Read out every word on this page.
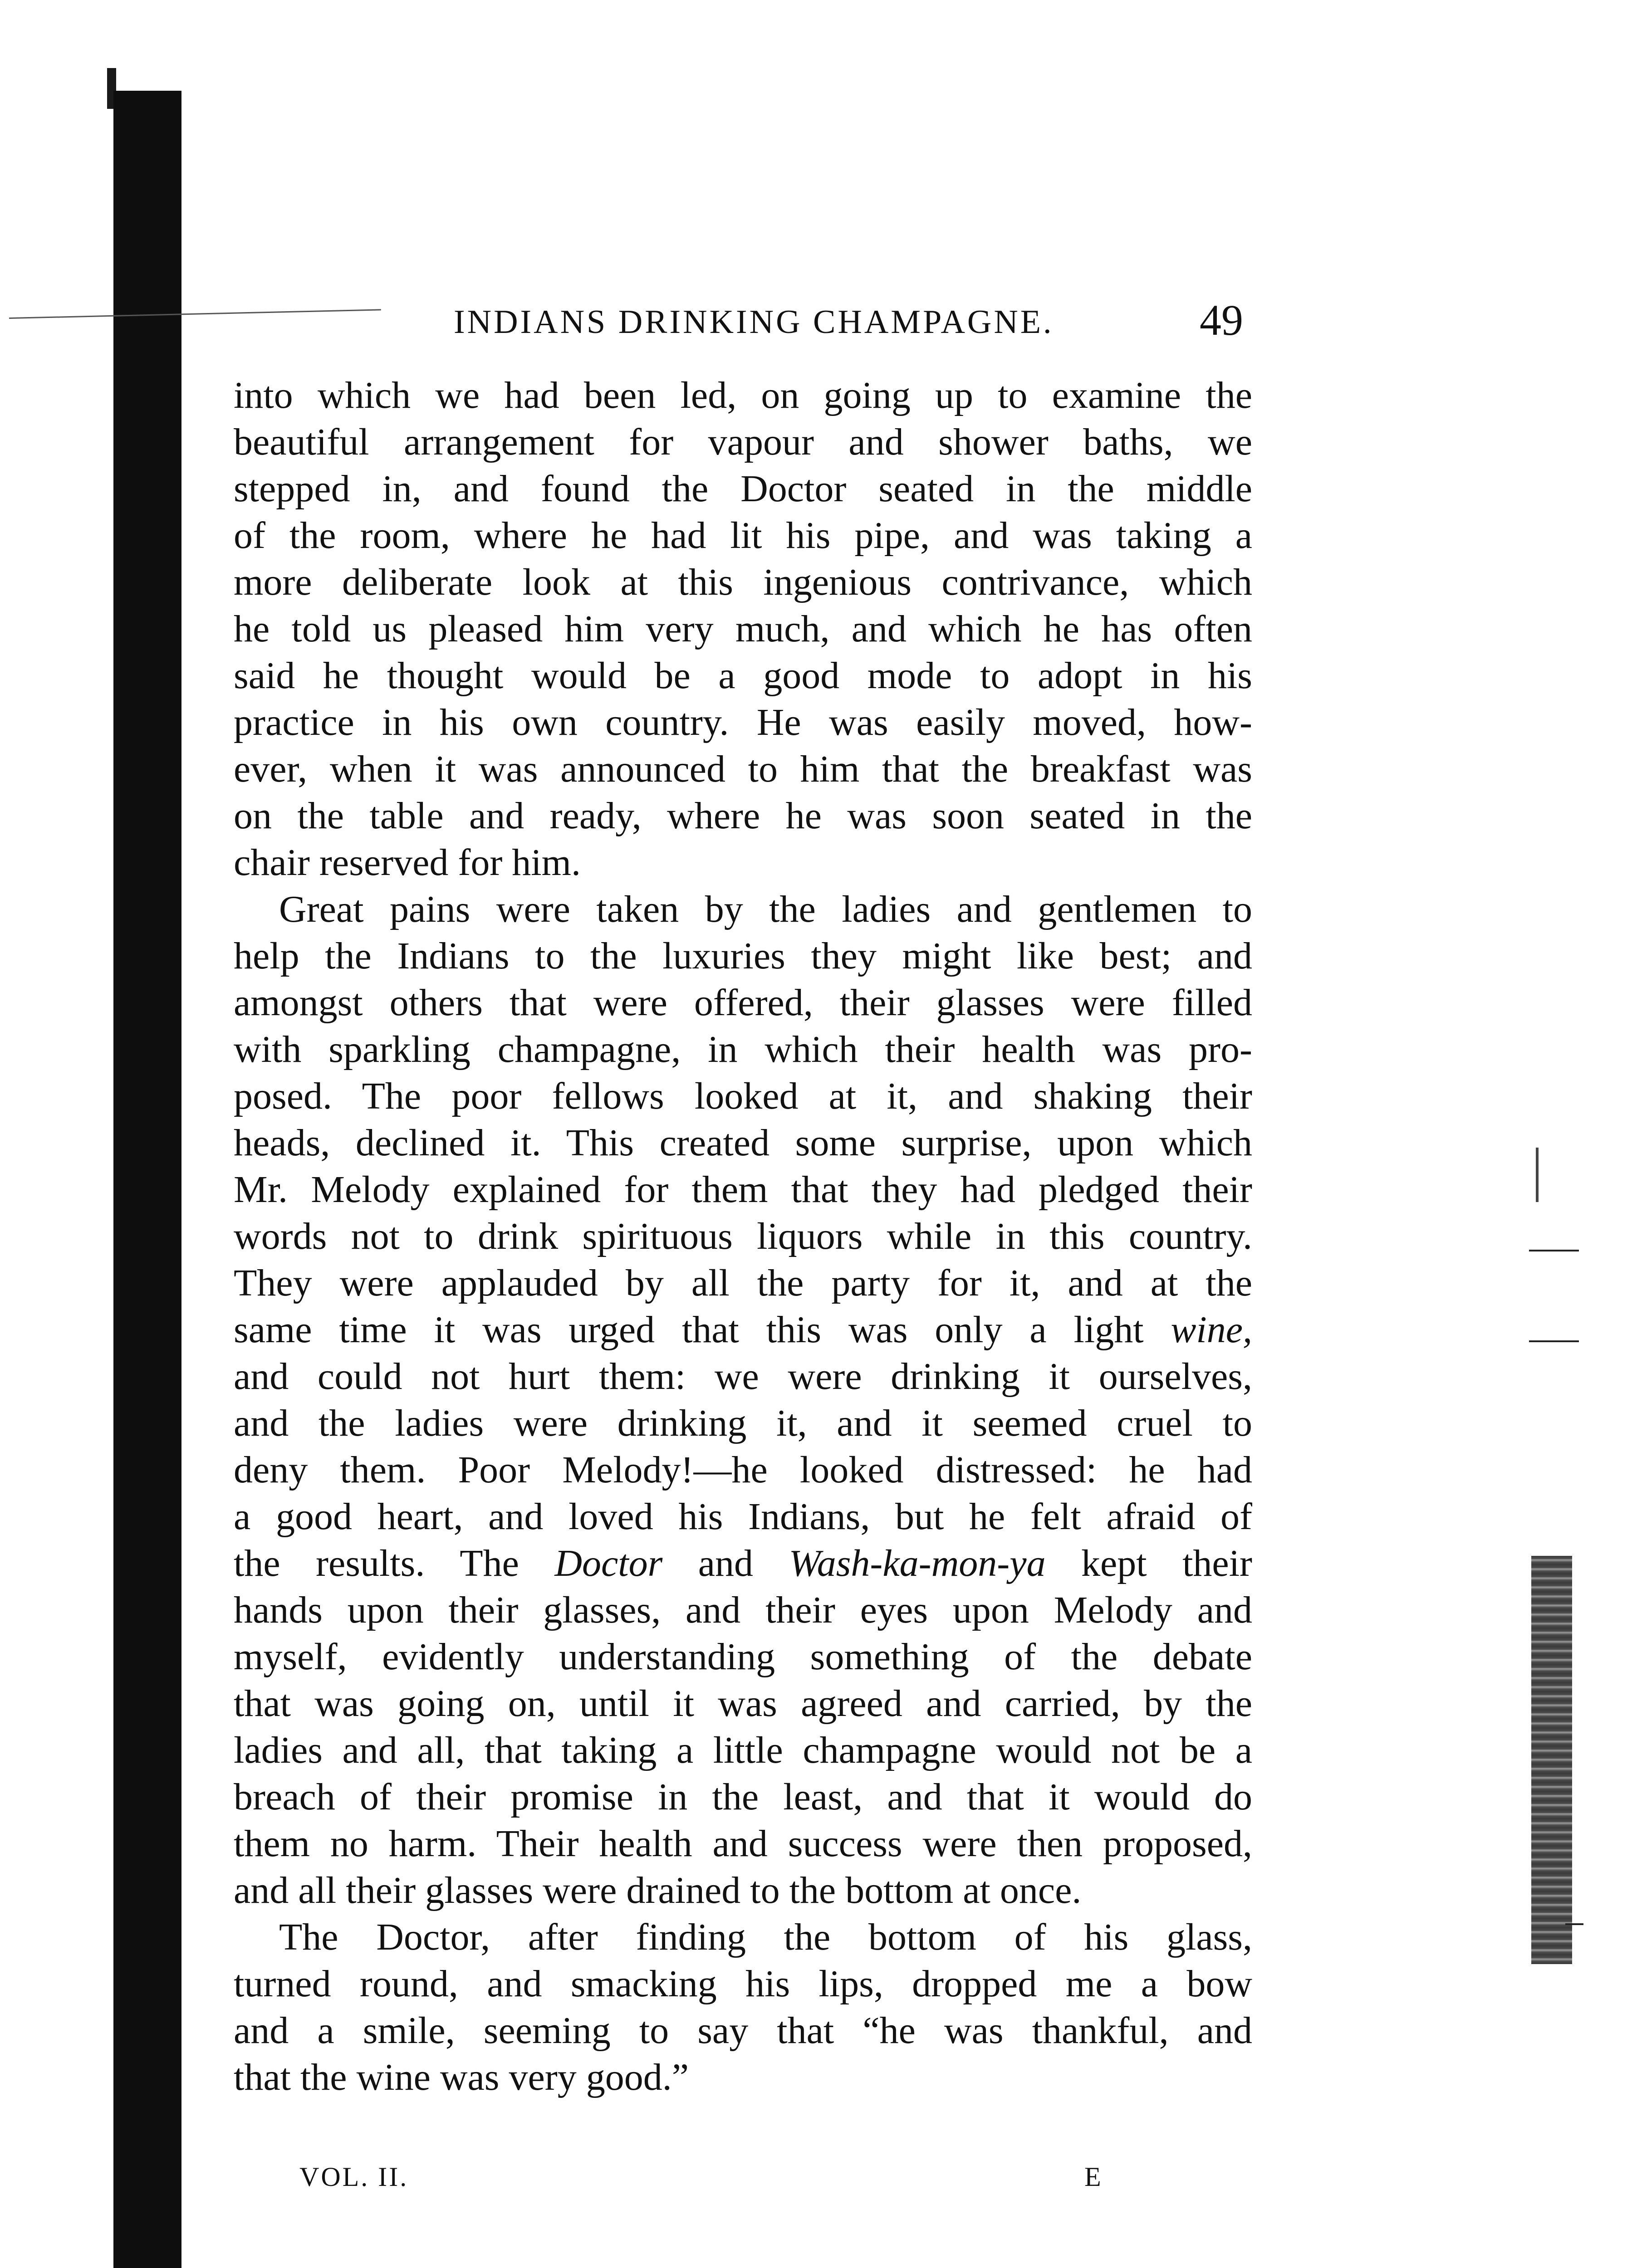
INDIANS DRINKING CHAMPAGNE.	49
into which we had been led, on going up to examine the
beautiful arrangement for vapour and shower baths, we
stepped in, and found the Doctor seated in the middle
of the room, where he had lit his pipe, and was taking a
more deliberate look at this ingenious contrivance, which
he told us pleased him very much, and which he has often
said he thought would be a good mode to adopt in his
practice in his own country. He was easily moved, how-
ever, when it was announced to him that the breakfast was
on the table and ready, where he was soon seated in the
chair reserved for him.
Great pains were taken by the ladies and gentlemen to
help the Indians to the luxuries they might like best; and
amongst others that were offered, their glasses were filled
with sparkling champagne, in which their health was pro-
posed. The poor fellows looked at it, and shaking their
heads, declined it. This created some surprise, upon which
Mr. Melody explained for them that they had pledged their
words not to drink spirituous liquors while in this country.
They were applauded by all the party for it, and at the
same time it was urged that this was only a light wine,
and could not hurt them: we were drinking it ourselves,
and the ladies were drinking it, and it seemed cruel to
deny them. Poor Melody!—he looked distressed: he had
a good heart, and loved his Indians, but he felt afraid of
the results. The Doctor and Wash-ka-mon-ya kept their
hands upon their glasses, and their eyes upon Melody and
myself, evidently understanding something of the debate
that was going on, until it was agreed and carried, by the
ladies and all, that taking a little champagne would not be a
breach of their promise in the least, and that it would do
them no harm. Their health and success were then proposed,
and all their glasses were drained to the bottom at once.
The Doctor, after finding the bottom of his glass,
turned round, and smacking his lips, dropped me a bow
and a smile, seeming to say that “he was thankful, and
that the wine was very good.”
VOL. II.	E
